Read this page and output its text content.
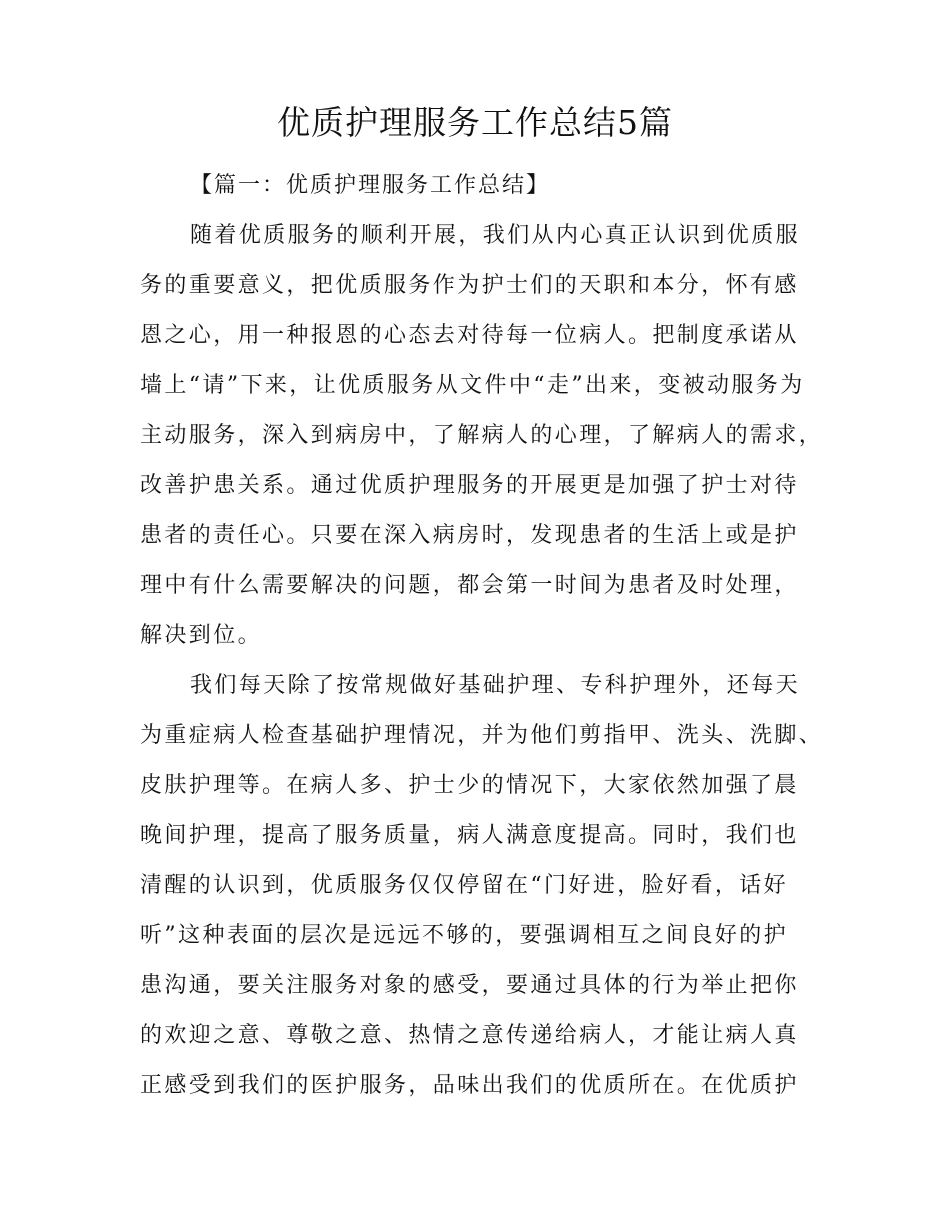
优质护理服务工作总结5篇
【篇一：优质护理服务工作总结】
随着优质服务的顺利开展，我们从内心真正认识到优质服
务的重要意义，把优质服务作为护士们的天职和本分，怀有感
恩之心，用一种报恩的心态去对待每一位病人。把制度承诺从
墙上“请”下来，让优质服务从文件中“走”出来，变被动服务为
主动服务，深入到病房中，了解病人的心理，了解病人的需求，
改善护患关系。通过优质护理服务的开展更是加强了护士对待
患者的责任心。只要在深入病房时，发现患者的生活上或是护
理中有什么需要解决的问题，都会第一时间为患者及时处理，
解决到位。
我们每天除了按常规做好基础护理、专科护理外，还每天
为重症病人检查基础护理情况，并为他们剪指甲、洗头、洗脚、
皮肤护理等。在病人多、护士少的情况下，大家依然加强了晨
晚间护理，提高了服务质量，病人满意度提高。同时，我们也
清醒的认识到，优质服务仅仅停留在“门好进，脸好看，话好
听”这种表面的层次是远远不够的，要强调相互之间良好的护
患沟通，要关注服务对象的感受，要通过具体的行为举止把你
的欢迎之意、尊敬之意、热情之意传递给病人，才能让病人真
正感受到我们的医护服务，品味出我们的优质所在。在优质护
